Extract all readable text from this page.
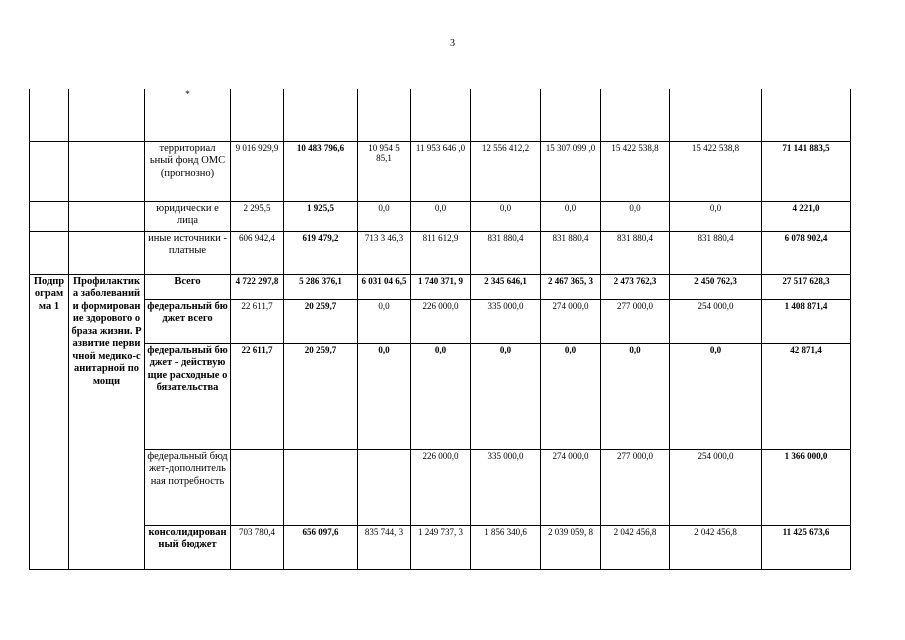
3
		*									
		территориал ьный фонд ОМС (прогнозно)	9 016 929,9	10 483 796,6	10 954 5 85,1	11 953 646 ,0	12 556 412,2	15 307 099 ,0	15 422 538,8	15 422 538,8	71 141 883,5
		юридически е лица	2 295,5	1 925,5	0,0	0,0	0,0	0,0	0,0	0,0	4 221,0
		иные источники - платные	606 942,4	619 479,2	713 3 46,3	811 612,9	831 880,4	831 880,4	831 880,4	831 880,4	6 078 902,4
Подпрограмма 1	Профилактика заболеваний и формирование здорового образа жизни. Развитие первичной медико-санитарной помощи	Всего	4 722 297,8	5 286 376,1	6 031 04 6,5	1 740 371, 9	2 345 646,1	2 467 365, 3	2 473 762,3	2 450 762,3	27 517 628,3
		федеральный бюджет всего	22 611,7	20 259,7	0,0	226 000,0	335 000,0	274 000,0	277 000,0	254 000,0	1 408 871,4
		федеральный бюджет - действующие расходные обязательства	22 611,7	20 259,7	0,0	0,0	0,0	0,0	0,0	0,0	42 871,4
		федеральный бюджет-дополнительная потребность				226 000,0	335 000,0	274 000,0	277 000,0	254 000,0	1 366 000,0
		консолидированный бюджет	703 780,4	656 097,6	835 744, 3	1 249 737, 3	1 856 340,6	2 039 059, 8	2 042 456,8	2 042 456,8	11 425 673,6
